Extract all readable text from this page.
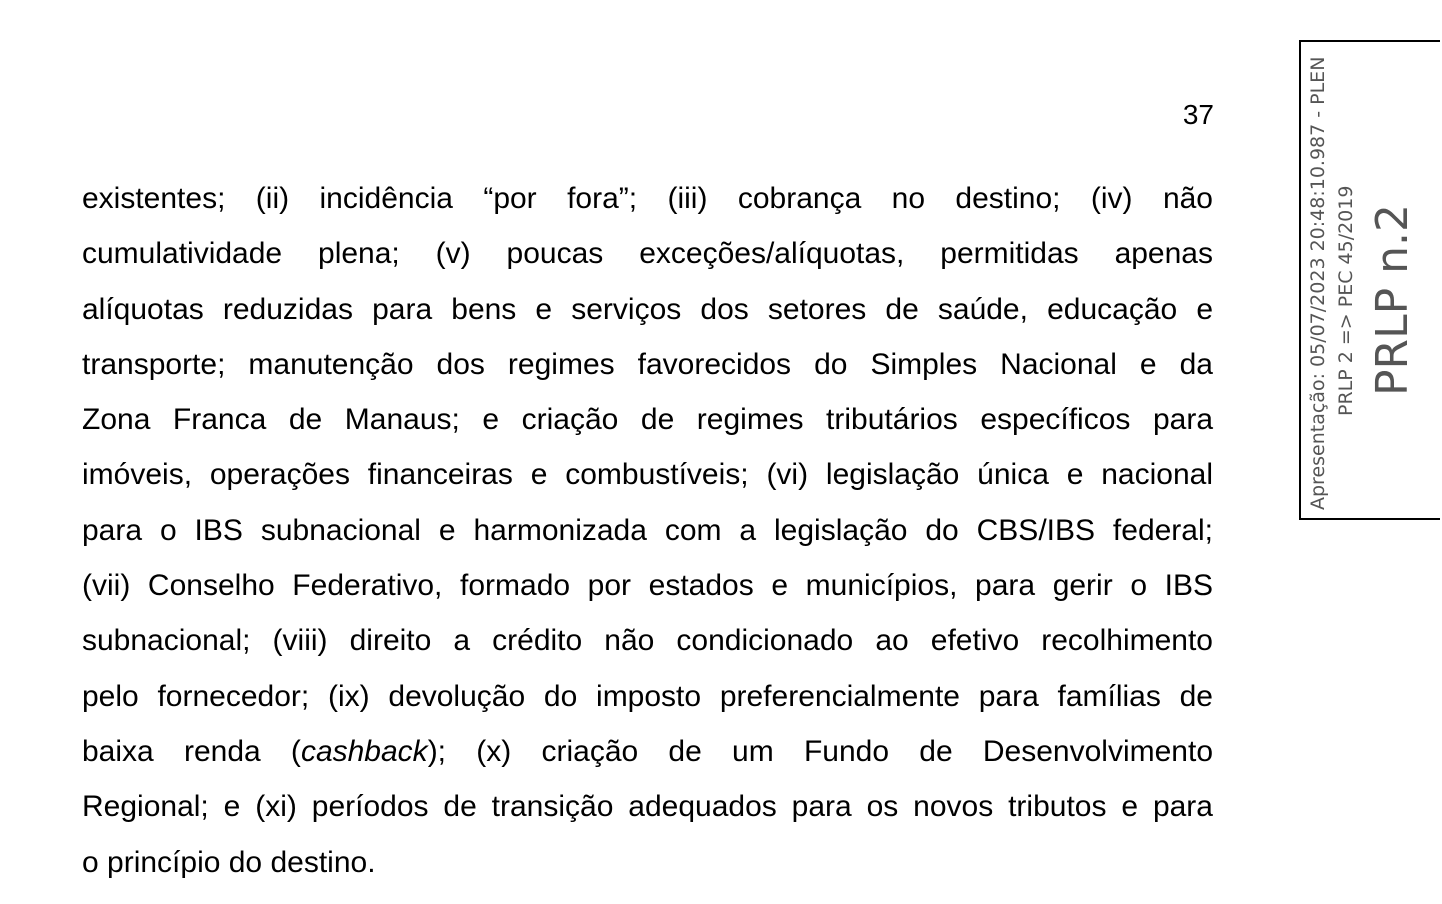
37
existentes; (ii) incidência “por fora”; (iii) cobrança no destino; (iv) não
cumulatividade plena; (v) poucas exceções/alíquotas, permitidas apenas
alíquotas reduzidas para bens e serviços dos setores de saúde, educação e
transporte; manutenção dos regimes favorecidos do Simples Nacional e da
Zona Franca de Manaus; e criação de regimes tributários específicos para
imóveis, operações financeiras e combustíveis; (vi) legislação única e nacional
para o IBS subnacional e harmonizada com a legislação do CBS/IBS federal;
(vii) Conselho Federativo, formado por estados e municípios, para gerir o IBS
subnacional; (viii) direito a crédito não condicionado ao efetivo recolhimento
pelo fornecedor; (ix) devolução do imposto preferencialmente para famílias de
baixa renda (cashback); (x) criação de um Fundo de Desenvolvimento
Regional; e (xi) períodos de transição adequados para os novos tributos e para
o princípio do destino.
Apresentação: 05/07/2023 20:48:10.987 - PLEN PRLP 2 => PEC 45/2019 PRLP n.2
